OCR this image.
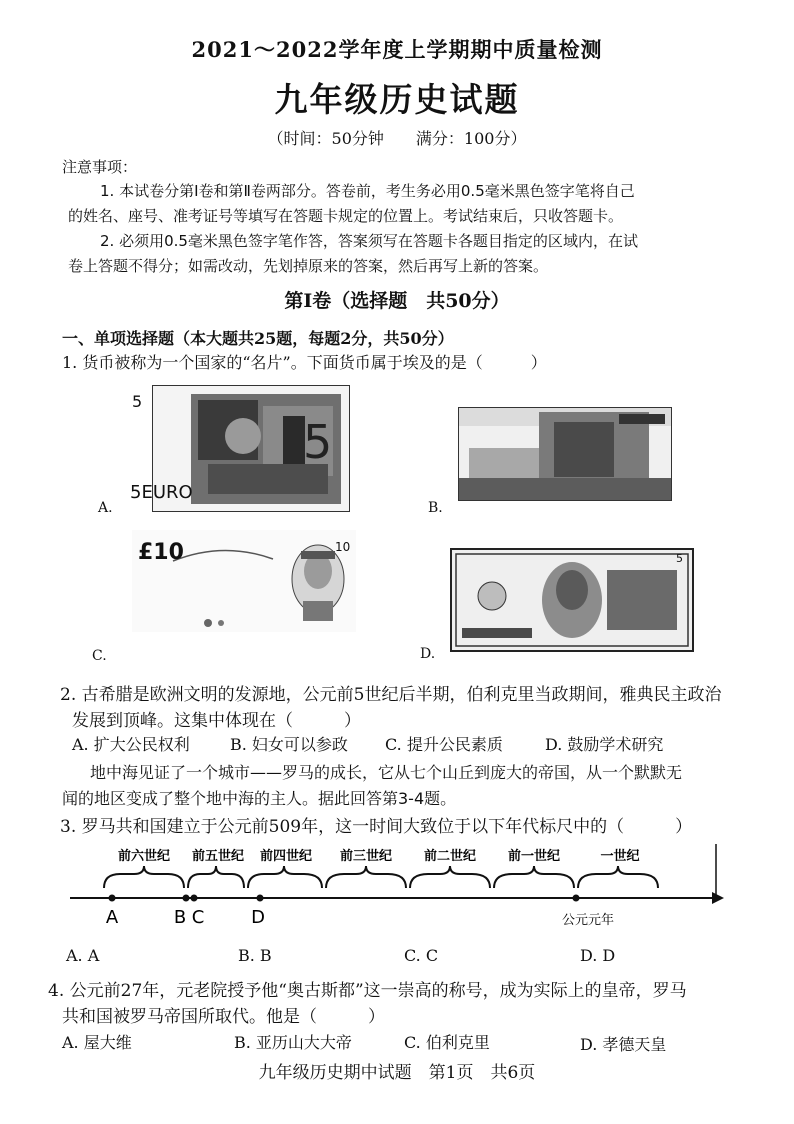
2021～2022学年度上学期期中质量检测
九年级历史试题
（时间：50分钟　　满分：100分）
注意事项：
1. 本试卷分第Ⅰ卷和第Ⅱ卷两部分。答卷前，考生务必用0.5毫米黑色签字笔将自己
的姓名、座号、准考证号等填写在答题卡规定的位置上。考试结束后，只收答题卡。
2. 必须用0.5毫米黑色签字笔作答，答案须写在答题卡各题目指定的区域内，在试
卷上答题不得分；如需改动，先划掉原来的答案，然后再写上新的答案。
第Ⅰ卷（选择题　共50分）
一、单项选择题（本大题共25题，每题2分，共50分）
1. 货币被称为一个国家的“名片”。下面货币属于埃及的是（　　　）
5
5
5EURO
A.	B.
£10	10
C.
5
D.
2. 古希腊是欧洲文明的发源地，公元前5世纪后半期，伯利克里当政期间，雅典民主政治
发展到顶峰。这集中体现在（　　　）
A. 扩大公民权利	B. 妇女可以参政 C. 提升公民素质	D. 鼓励学术研究
地中海见证了一个城市——罗马的成长，它从七个山丘到庞大的帝国，从一个默默无
闻的地区变成了整个地中海的主人。据此回答第3-4题。
3. 罗马共和国建立于公元前509年，这一时间大致位于以下年代标尺中的（　　　）
前六世纪 前五世纪 前四世纪 前三世纪 前二世纪 前一世纪	一世纪
A	B C	D	公元元年
A. A	B. B	C. C	D. D
4. 公元前27年，元老院授予他“奥古斯都”这一崇高的称号，成为实际上的皇帝，罗马
共和国被罗马帝国所取代。他是（　　　）
A. 屋大维	B. 亚历山大大帝	C. 伯利克里	D. 孝德天皇
九年级历史期中试题　第1页　共6页
